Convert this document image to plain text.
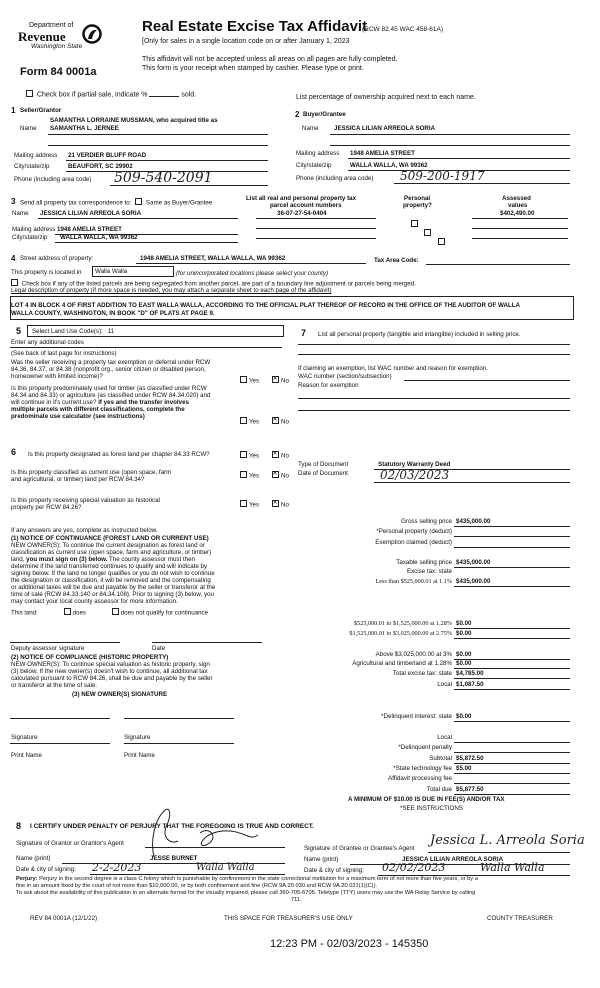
Department of
Revenue
Washington State
Form 84 0001a
Real Estate Excise Tax Affidavit
(RCW 82.45 WAC 458-61A)
[Only for sales in a single location code on or after January 1, 2023
This affidavit will not be accepted unless all areas on all pages are fully completed.
This form is your receipt when stamped by cashier. Please type or print.
Check box if partial sale, indicate %	sold.	List percentage of ownership acquired next to each name.
1 Seller/Grantor
SAMANTHA LORRAINE MUSSMAN, who acquired title as
Name SAMANTHA L. JERNEE
Mailing address 21 VERDIER BLUFF ROAD
City/state/zip	BEAUFORT, SC 29902
Phone (including area code) 509-540-2091
2 Buyer/Grantee
Name JESSICA LILIAN ARREOLA SORIA
Mailing address 1948 AMELIA STREET
City/state/zip	WALLA WALLA, WA 99362
Phone (including area code) 509-200-1917
3 Send all property tax correspondence to: Same as Buyer/Grantee
Name JESSICA LILIAN ARREOLA SORIA
Mailing address 1948 AMELIA STREET
City/state/zip WALLA WALLA, WA 99362
List all real and personal property tax
parcel account numbers
36-07-27-54-0404
Personal
property?

Assessed
values
$402,490.00
4 Street address of property:	1948 AMELIA STREET, WALLA WALLA, WA 99362	Tax Area Code:
This property is located in Walla Walla	(for unincorporated locations please select your county)
Check box if any of the listed parcels are being segregated from another parcel, are part of a boundary line adjustment or parcels being merged.
Legal description of property (if more space is needed, you may attach a separate sheet to each page of the affidavit)
LOT 4 IN BLOCK 4 OF FIRST ADDITION TO EAST WALLA WALLA, ACCORDING TO THE OFFICIAL PLAT THEREOF OF RECORD IN THE OFFICE OF THE AUDITOR OF WALLA
WALLA COUNTY, WASHINGTON, IN BOOK "D" OF PLATS AT PAGE 9.
5 Select Land Use Code(s): 11
Enter any additional codes
(See back of last page for instructions)
Was the seller receiving a property tax exemption or deferral under RCW
84.36, 84.37, or 84.38 (nonprofit org., senior citizen or disabled person,
homeowner with limited income)?
Yes ✕	No
Is this property predominately used for timber (as classified under RCW
84.34 and 84.33) or agriculture (as classified under RCW 84.34.020) and
will continue in it's current use? If yes and the transfer involves
multiple parcels with different classifications, complete the
predominate use calculator (see instructions)
Yes ✕	No
7 List all personal property (tangible and intangible) included in selling price.
If claiming an exemption, list WAC number and reason for exemption.
WAC number (section/subsection)
Reason for exemption
6 Is this property designated as forest land per chapter 84.33 RCW?	Yes ✕	No
Is this property classified as current use (open space, farm
and agricultural, or timber) land per RCW 84.34?	Yes ✕	No
Is this property receiving special valuation as historical
property per RCW 84.26?	Yes ✕	No
If any answers are yes, complete as instructed below.
(1) NOTICE OF CONTINUANCE (FOREST LAND OR CURRENT USE)
NEW OWNER(S): To continue the current designation as forest land or
classification as current use (open space, farm and agriculture, or timber)
land, you must sign on (3) below. The county assessor must then
determine if the land transferred continues to qualify and will indicate by
signing below. If the land no longer qualifies or you do not wish to continue
the designation or classification, it will be removed and the compensating
or additional taxes will be due and payable by the seller or transferor at the
time of sale (RCW 84.33.140 or 84.34.108). Prior to signing (3) below, you
may contact your local county assessor for more information.
This land:	does	does not qualify for continuance
Deputy assessor signature	Date
(2) NOTICE OF COMPLIANCE (HISTORIC PROPERTY)
NEW OWNER(S): To continue special valuation as historic property, sign
(3) below. If the new owner(s) doesn't wish to continue, all additional tax
calculated pursuant to RCW 84.26, shall be due and payable by the seller
or transferor at the time of sale.
(3) NEW OWNER(S) SIGNATURE
Signature	Signature
Print Name	Print Name
Type of Document	Statutory Warranty Deed
Date of Document	02/03/2023
Gross selling price $435,000.00
*Personal property (deduct)
Exemption claimed (deduct)
Taxable selling price $435,000.00
Excise tax: state
Less than $525,000.01 at 1.1% $435,000.00
$525,000.01 to $1,525,000.00 at 1.28% $0.00
$1,525,000.01 to $3,025,000.00 at 2.75% $0.00
Above $3,025,000.00 at 3% $0.00
Agricultural and timberland at 1.28% $0.00
Total excise tax: state $4,785.00
Local $1,087.50
*Delinquent interest: state $0.00
Local
*Delinquent penalty
Subtotal $5,872.50
*State technology fee $5.00
Affidavit processing fee
Total due $5,877.50
A MINIMUM OF $10.00 IS DUE IN FEE(S) AND/OR TAX
*SEE INSTRUCTIONS
8 I CERTIFY UNDER PENALTY OF PERJURY THAT THE FOREGOING IS TRUE AND CORRECT.
Signature of Grantor or Grantor's Agent
Name (print)	JESSE BURNET
Date & city of signing: 2-2-2023	Walla Walla
Signature of Grantee or Grantee's Agent
Jessica L. Arreola Soria
Name (print)	JESSICA LILIAN ARREOLA SORIA
Date & city of signing: 02/02/2023	Walla Walla
Perjury: Perjury in the second degree is a class C felony which is punishable by confinement in the state correctional institution for a maximum term of not more than five years, or by a
fine in an amount fixed by the court of not more than $10,000.00, or by both confinement and fine (RCW 9A.20.030 and RCW 9A.20.021(1)(C)).
To ask about the availability of this publication in an alternate format for the visually impaired, please call 360-705-6705. Teletype (TTY) users may use the WA Relay Service by calling
711.
REV 84 0001A (12/1/22)	THIS SPACE FOR TREASURER'S USE ONLY	COUNTY TREASURER
12:23 PM - 02/03/2023 - 145350
